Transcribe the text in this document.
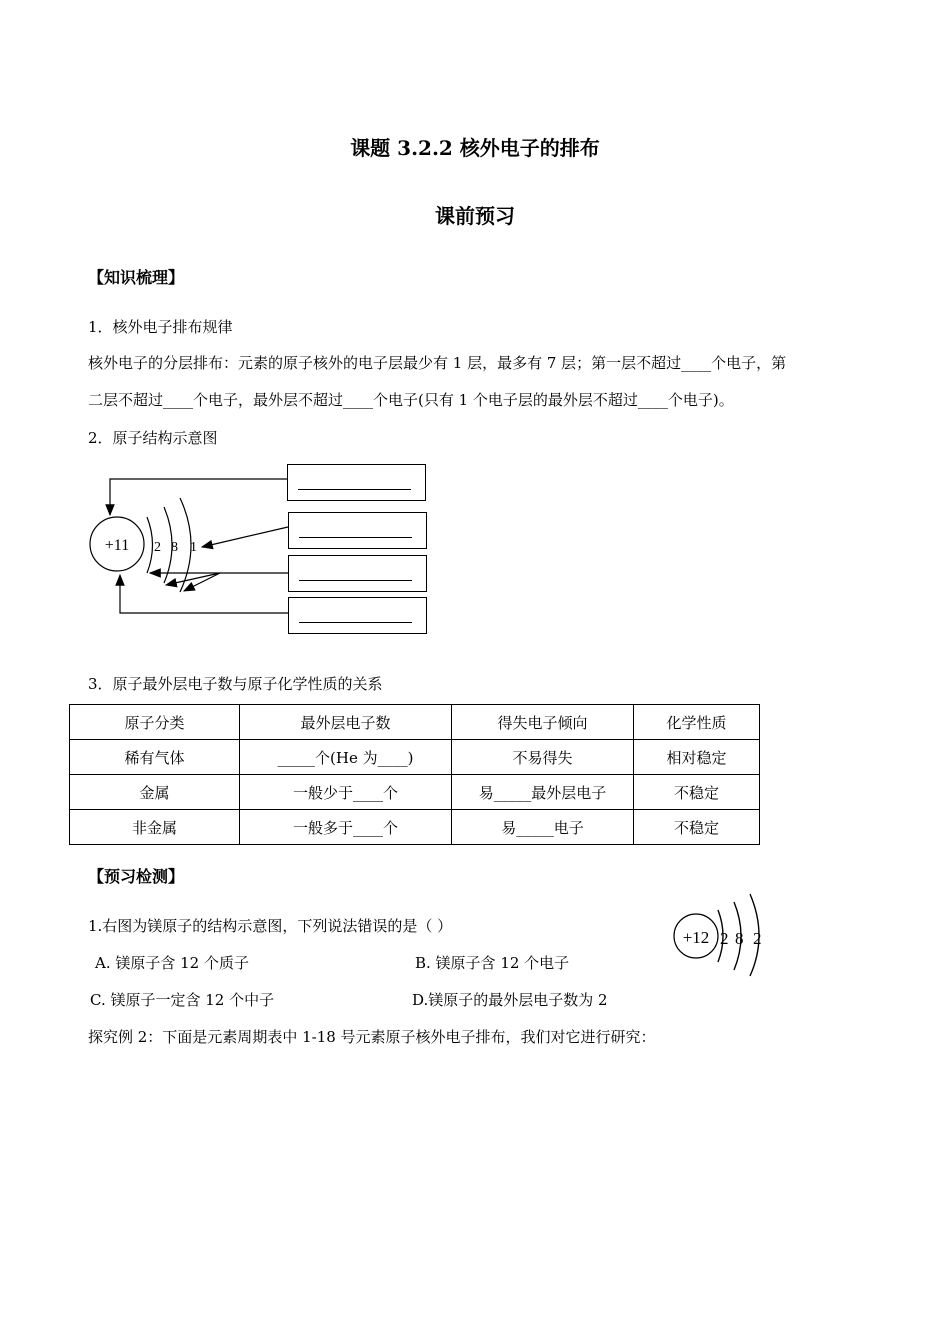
课题 3.2.2 核外电子的排布
课前预习
【知识梳理】
1．核外电子排布规律
核外电子的分层排布：元素的原子核外的电子层最少有 1 层，最多有 7 层；第一层不超过____个电子，第
二层不超过____个电子，最外层不超过____个电子(只有 1 个电子层的最外层不超过____个电子)。
2．原子结构示意图
+11 2 8 1
3．原子最外层电子数与原子化学性质的关系
原子分类	最外层电子数	得失电子倾向	化学性质
稀有气体	_____个(He 为____)	不易得失	相对稳定
金属	一般少于____个	易_____最外层电子	不稳定
非金属	一般多于____个	易_____电子	不稳定
【预习检测】
1.右图为镁原子的结构示意图，下列说法错误的是（ ）
A. 镁原子含 12 个质子	B. 镁原子含 12 个电子
C. 镁原子一定含 12 个中子	D.镁原子的最外层电子数为 2
+12 2 8 2
探究例 2：下面是元素周期表中 1-18 号元素原子核外电子排布，我们对它进行研究：
